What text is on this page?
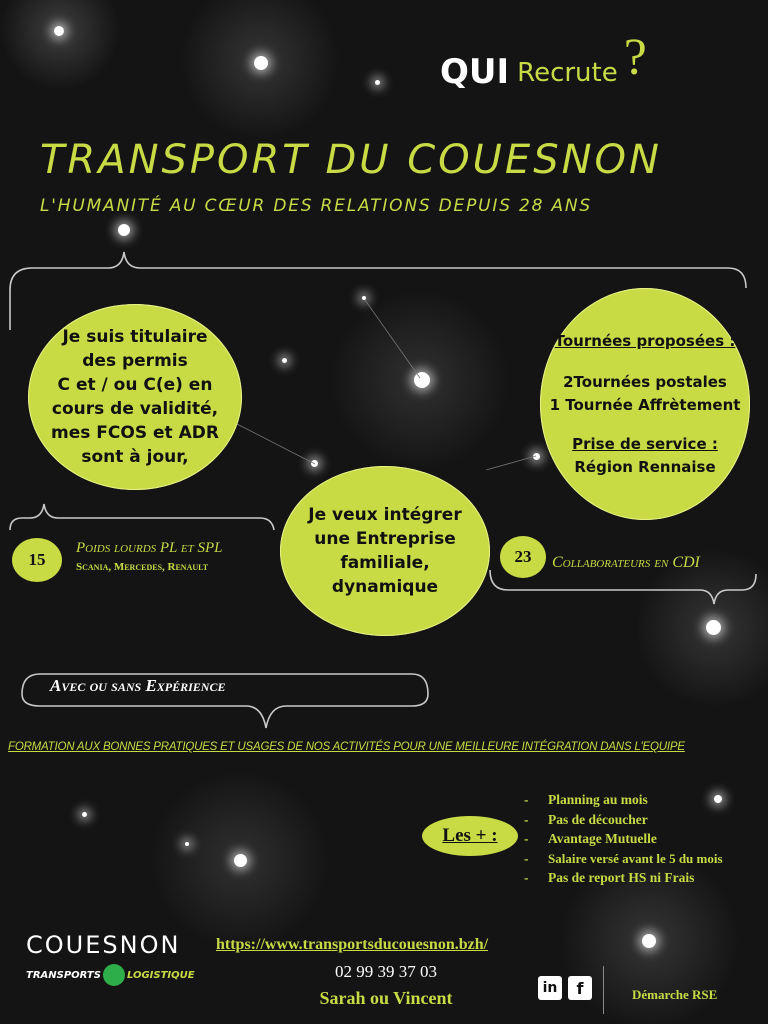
QUI Recrute ?
TRANSPORT DU COUESNON
L'HUMANITÉ AU CŒUR DES RELATIONS DEPUIS 28 ANS
Je suis titulaire
des permis
C et / ou C(e) en
cours de validité,
mes FCOS et ADR
sont à jour,
Je veux intégrer
une Entreprise
familiale,
dynamique
Tournées proposées :
2Tournées postales
1 Tournée Affrètement
Prise de service :
Région Rennaise
15
Poids lourds PL et SPL
Scania, Mercedes, Renault
23	Collaborateurs en CDI
Avec ou sans Expérience
FORMATION AUX BONNES PRATIQUES ET USAGES DE NOS ACTIVITÉS POUR UNE MEILLEURE INTÉGRATION DANS L'EQUIPE
Les + :
-	Planning au mois
-	Pas de découcher
-	Avantage Mutuelle
-	Salaire versé avant le 5 du mois
-	Pas de report HS ni Frais
COUESNON
TRANSPORTS	LOGISTIQUE
https://www.transportsducouesnon.bzh/
02 99 39 37 03
Sarah ou Vincent	in f	Démarche RSE
